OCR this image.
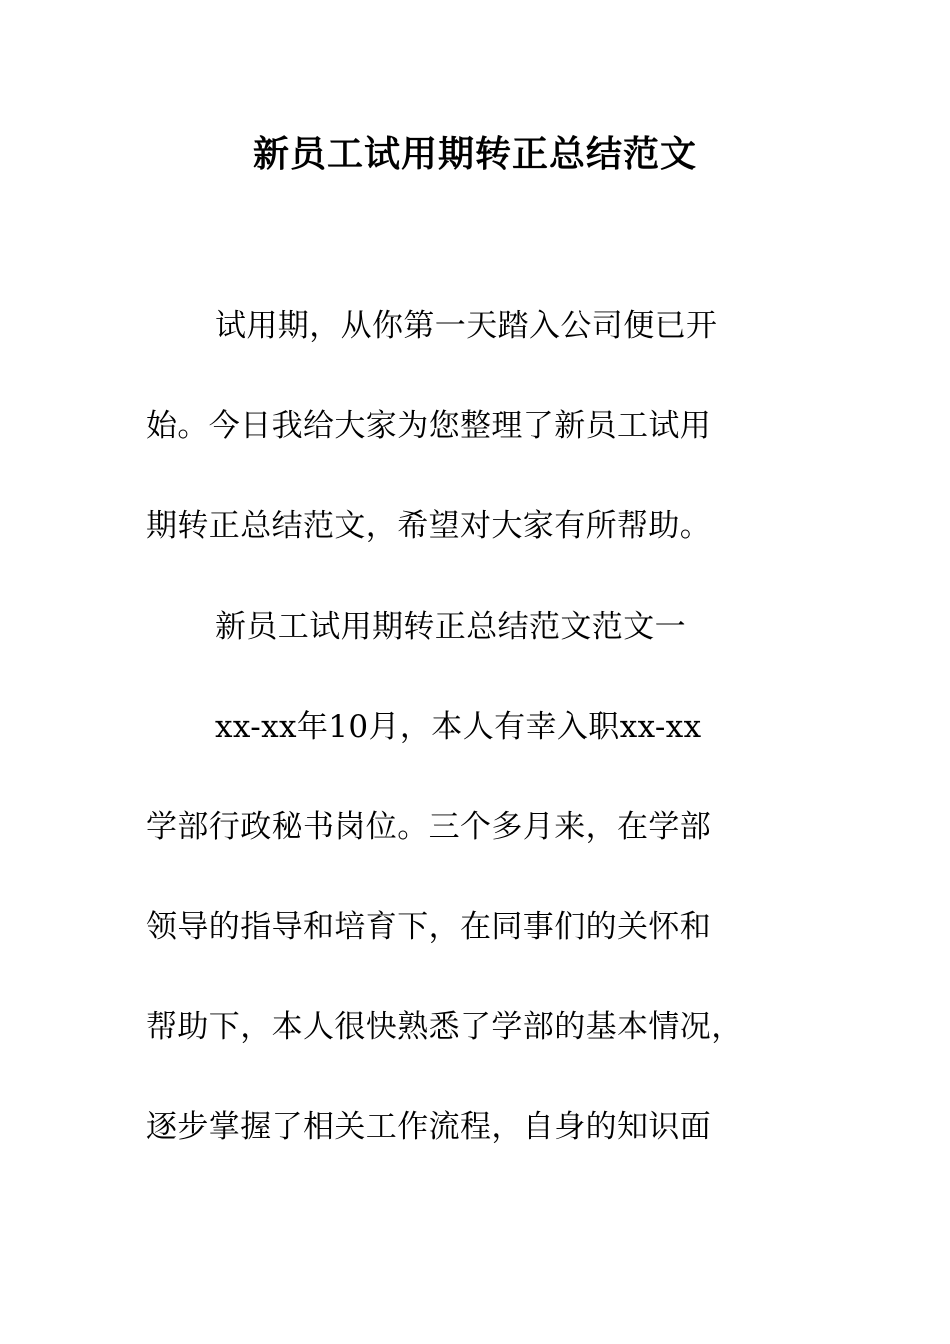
新员工试用期转正总结范文
试用期，从你第一天踏入公司便已开
始。今日我给大家为您整理了新员工试用
期转正总结范文，希望对大家有所帮助。
新员工试用期转正总结范文范文一
xx-xx年10月，本人有幸入职xx-xx
学部行政秘书岗位。三个多月来，在学部
领导的指导和培育下，在同事们的关怀和
帮助下，本人很快熟悉了学部的基本情况，
逐步掌握了相关工作流程，自身的知识面
